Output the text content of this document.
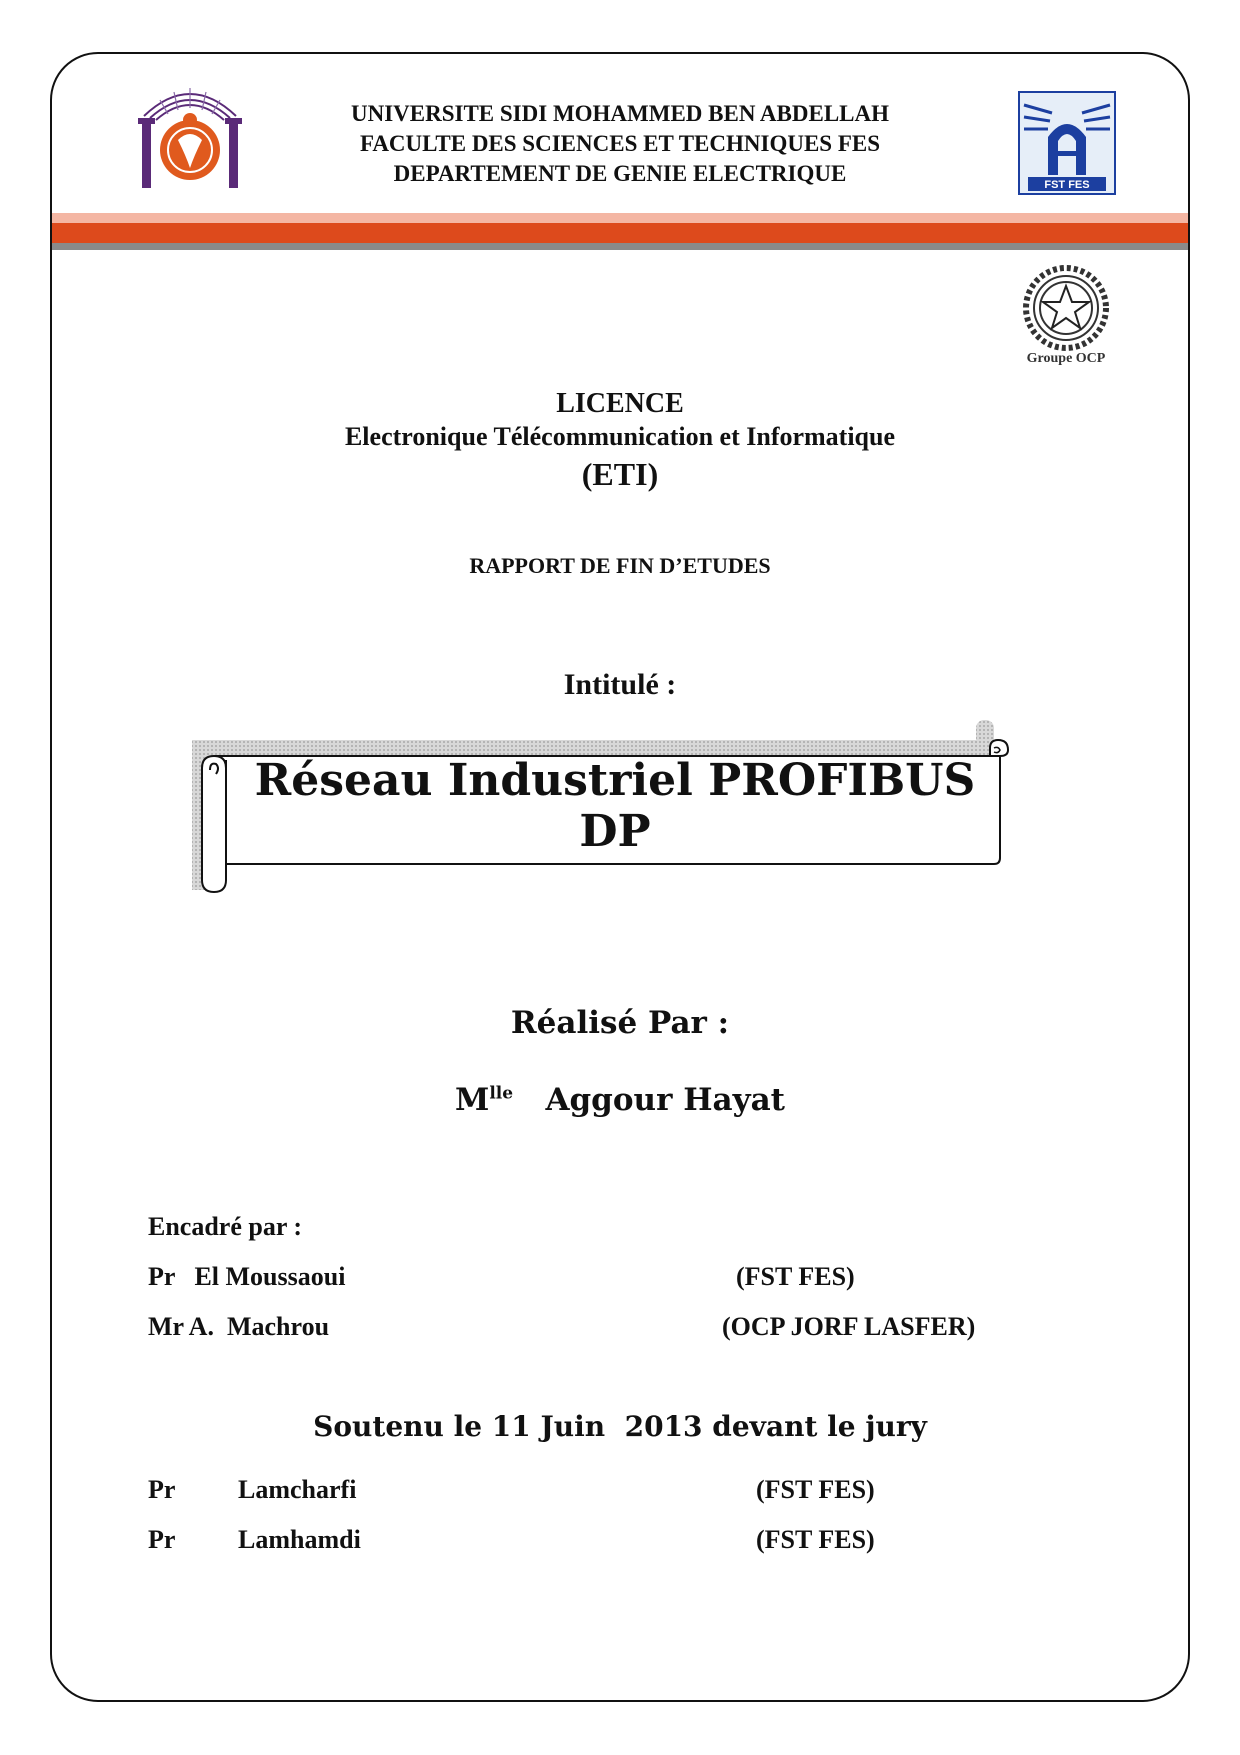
FST FES
Groupe OCP
UNIVERSITE SIDI MOHAMMED BEN ABDELLAH
FACULTE DES SCIENCES ET TECHNIQUES FES
DEPARTEMENT DE GENIE ELECTRIQUE
LICENCE
Electronique Télécommunication et Informatique
(ETI)
RAPPORT DE FIN D’ETUDES
Intitulé :
Réseau Industriel PROFIBUS DP
Réalisé Par :
$M^{lle}$ Aggour Hayat
Encadré par :
Pr   El Moussaoui	(FST FES)
Mr A.  Machrou	(OCP JORF LASFER)
Soutenu le 11 Juin  2013 devant le jury
Pr Lamcharfi	(FST FES)
Pr Lamhamdi	(FST FES)
